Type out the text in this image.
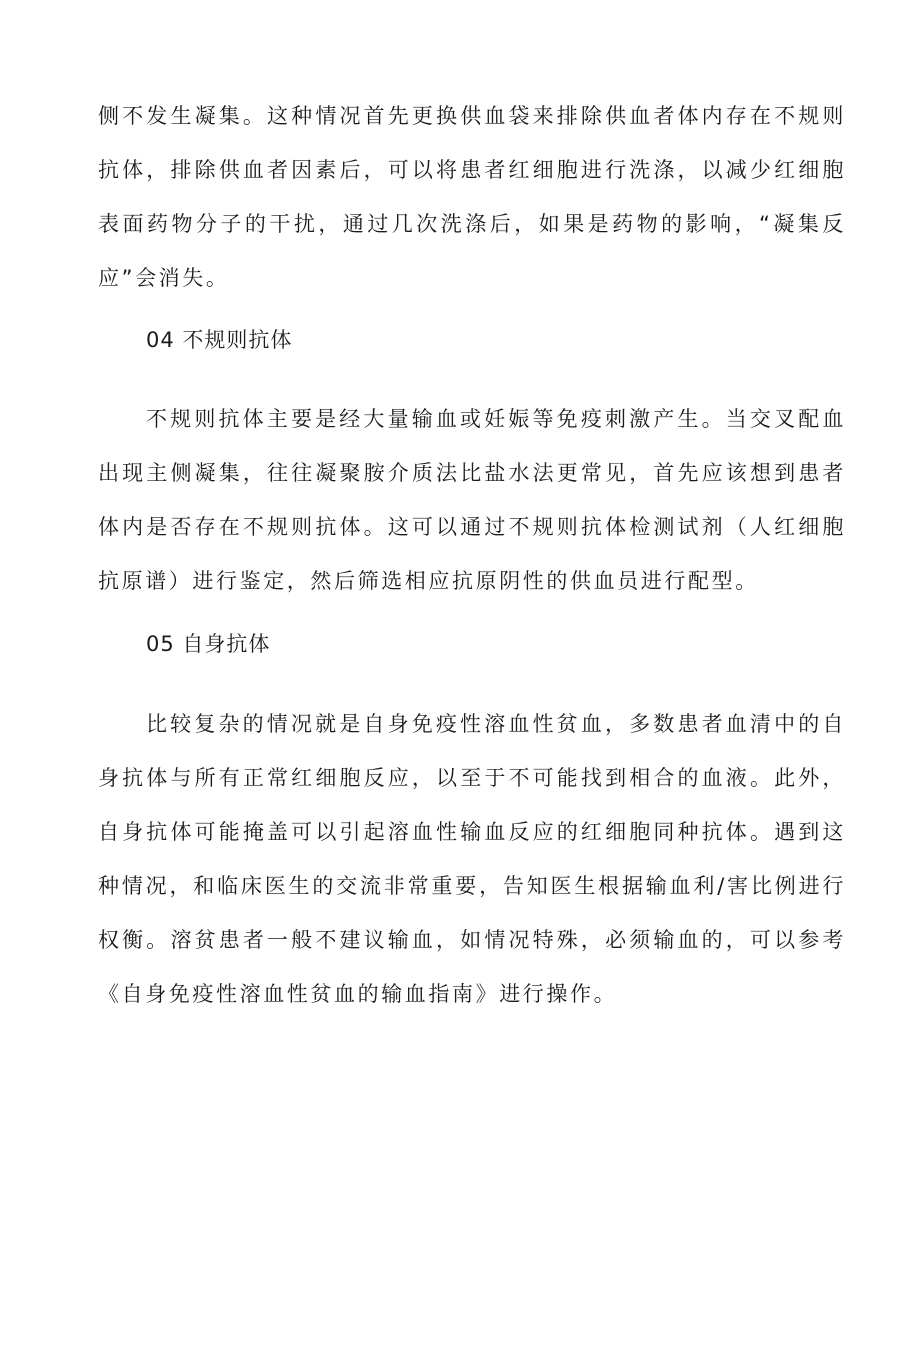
侧不发生凝集。这种情况首先更换供血袋来排除供血者体内存在不规则抗体，排除供血者因素后，可以将患者红细胞进行洗涤，以减少红细胞表面药物分子的干扰，通过几次洗涤后，如果是药物的影响，“凝集反应”会消失。

04 不规则抗体

不规则抗体主要是经大量输血或妊娠等免疫刺激产生。当交叉配血出现主侧凝集，往往凝聚胺介质法比盐水法更常见，首先应该想到患者体内是否存在不规则抗体。这可以通过不规则抗体检测试剂（人红细胞抗原谱）进行鉴定，然后筛选相应抗原阴性的供血员进行配型。

05 自身抗体

比较复杂的情况就是自身免疫性溶血性贫血，多数患者血清中的自身抗体与所有正常红细胞反应，以至于不可能找到相合的血液。此外，自身抗体可能掩盖可以引起溶血性输血反应的红细胞同种抗体。遇到这种情况，和临床医生的交流非常重要，告知医生根据输血利/害比例进行权衡。溶贫患者一般不建议输血，如情况特殊，必须输血的，可以参考《自身免疫性溶血性贫血的输血指南》进行操作。
